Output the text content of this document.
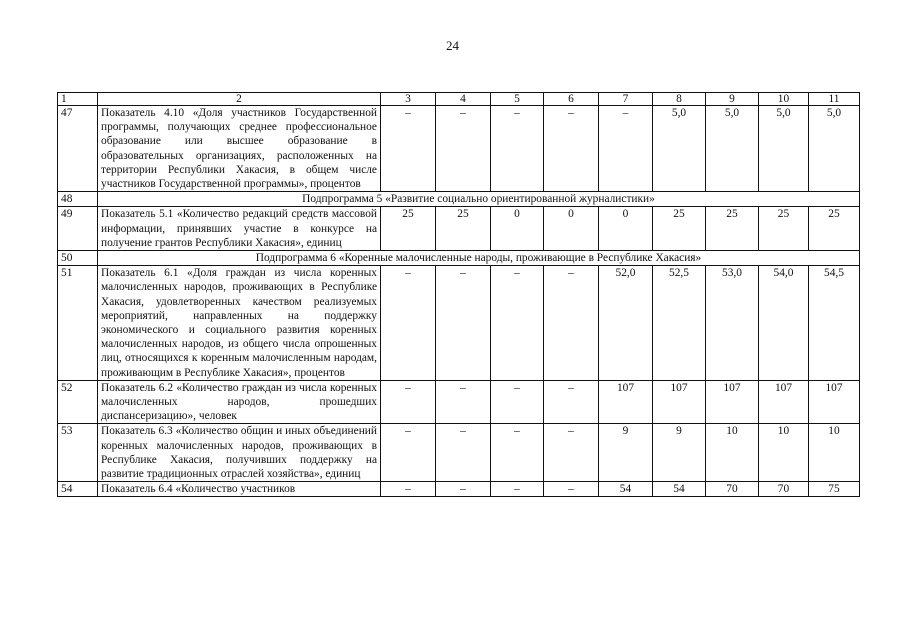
24
1	2	3	4	5	6	7	8	9	10	11
47	Показатель 4.10 «Доля участников Государственной программы, получающих среднее профессиональное образование или высшее образование в образовательных организациях, расположенных на территории Республики Хакасия, в общем числе участников Государственной программы», процентов	–	–	–	–	–	5,0	5,0	5,0	5,0
48	Подпрограмма 5 «Развитие социально ориентированной журналистики»									
49	Показатель 5.1 «Количество редакций средств массовой информации, принявших участие в конкурсе на получение грантов Республики Хакасия», единиц	25	25	0	0	0	25	25	25	25
50	Подпрограмма 6 «Коренные малочисленные народы, проживающие в Республике Хакасия»									
51	Показатель 6.1 «Доля граждан из числа коренных малочисленных народов, проживающих в Республике Хакасия, удовлетворенных качеством реализуемых мероприятий, направленных на поддержку экономического и социального развития коренных малочисленных народов, из общего числа опрошенных лиц, относящихся к коренным малочисленным народам, проживающим в Республике Хакасия», процентов	–	–	–	–	52,0	52,5	53,0	54,0	54,5
52	Показатель 6.2 «Количество граждан из числа коренных малочисленных народов, прошедших диспансеризацию», человек	–	–	–	–	107	107	107	107	107
53	Показатель 6.3 «Количество общин и иных объединений коренных малочисленных народов, проживающих в Республике Хакасия, получивших поддержку на развитие традиционных отраслей хозяйства», единиц	–	–	–	–	9	9	10	10	10
54	Показатель 6.4 «Количество участников	–	–	–	–	54	54	70	70	75
